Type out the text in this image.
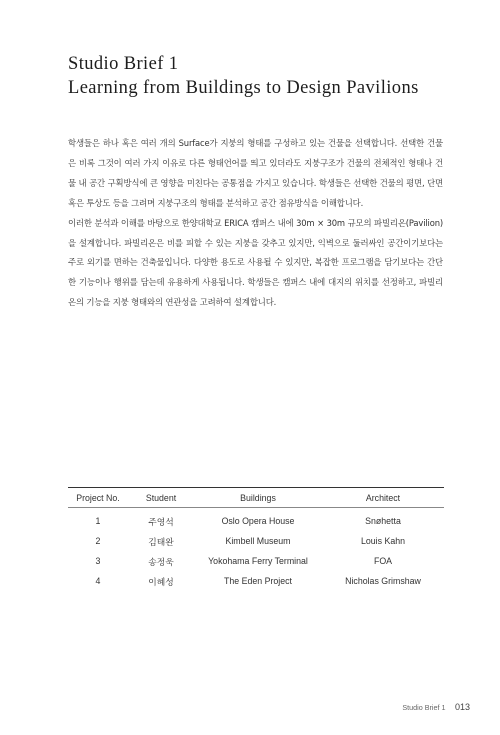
Studio Brief 1
Learning from Buildings to Design Pavilions

학생들은 하나 혹은 여러 개의 Surface가 지붕의 형태를 구성하고 있는 건물을 선택합니다. 선택한 건물은 비록 그것이 여러 가지 이유로 다른 형태언어를 띄고 있더라도 지붕구조가 건물의 전체적인 형태나 건물 내 공간 구획방식에 큰 영향을 미친다는 공통점을 가지고 있습니다. 학생들은 선택한 건물의 평면, 단면 혹은 투상도 등을 그려며 지붕구조의 형태를 분석하고 공간 점유방식을 이해합니다.

이러한 분석과 이해를 바탕으로 한양대학교 ERICA 캠퍼스 내에 30m × 30m 규모의 파빌리온(Pavilion)을 설계합니다. 파빌리온은 비를 피할 수 있는 지붕을 갖추고 있지만, 익벽으로 둘러싸인 공간이기보다는 주로 외기를 면하는 건축물입니다. 다양한 용도로 사용될 수 있지만, 복잡한 프로그램을 담기보다는 간단한 기능이나 행위를 담는데 유용하게 사용됩니다. 학생들은 캠퍼스 내에 대지의 위치를 선정하고, 파빌리온의 기능을 지붕 형태와의 연관성을 고려하여 설계합니다.

Project No.	Student	Buildings	Architect
1	주영석	Oslo Opera House	Snøhetta
2	김태완	Kimbell Museum	Louis Kahn
3	송정욱	Yokohama Ferry Terminal	FOA
4	이혜성	The Eden Project	Nicholas Grimshaw
Studio Brief 1 013
